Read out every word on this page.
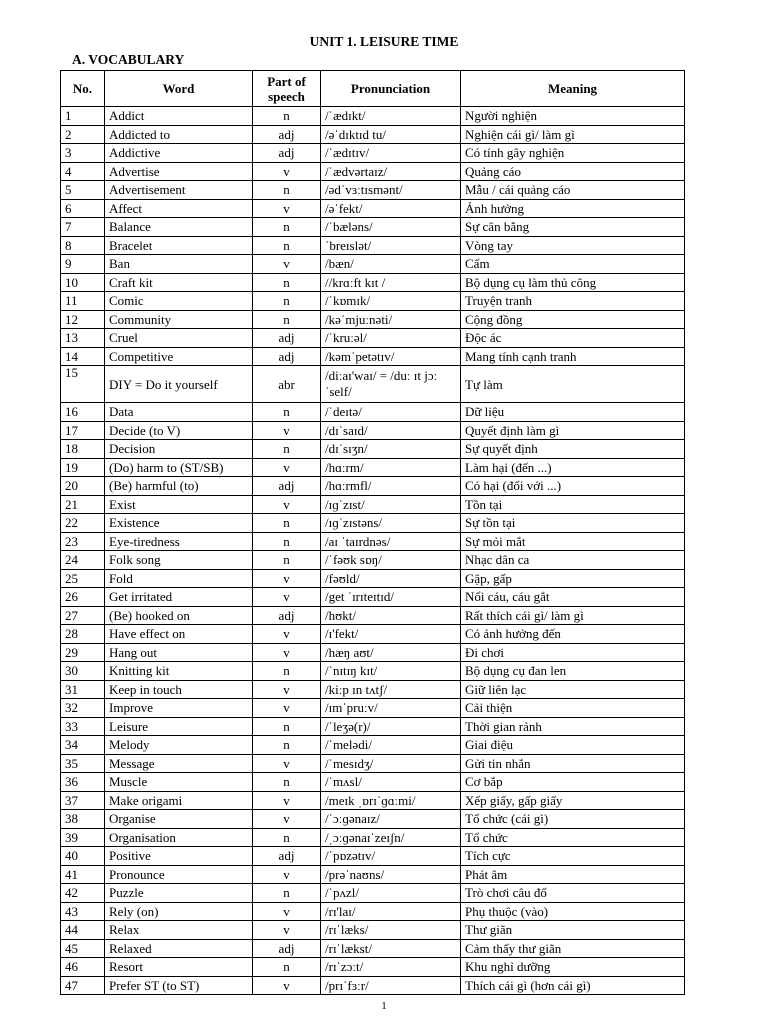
UNIT 1. LEISURE TIME
A. VOCABULARY
No.	Word	Part of speech	Pronunciation	Meaning
1	Addict	n	/ˈædɪkt/	Người nghiện
2	Addicted to	adj	/əˈdɪktɪd tu/	Nghiện cái gì/ làm gì
3	Addictive	adj	/ˈædɪtɪv/	Có tính gây nghiện
4	Advertise	v	/ˈædvərtaɪz/	Quảng cáo
5	Advertisement	n	/ədˈvɜːtɪsmənt/	Mẫu / cái quảng cáo
6	Affect	v	/əˈfekt/	Ảnh hưởng
7	Balance	n	/ˈbæləns/	Sự cân bằng
8	Bracelet	n	ˈbreɪslət/	Vòng tay
9	Ban	v	/bæn/	Cấm
10	Craft kit	n	//krɑːft kɪt /	Bộ dụng cụ làm thủ công
11	Comic	n	/ˈkɒmɪk/	Truyện tranh
12	Community	n	/kəˈmjuːnəti/	Cộng đồng
13	Cruel	adj	/ˈkruːəl/	Độc ác
14	Competitive	adj	/kəmˈpetətɪv/	Mang tính cạnh tranh
15	DIY = Do it yourself	abr	/diːaɪ'waɪ/ = /duː ɪt jɔːˈself/	Tự làm
16	Data	n	/ˈdeɪtə/	Dữ liệu
17	Decide (to V)	v	/dɪˈsaɪd/	Quyết định làm gì
18	Decision	n	/dɪˈsɪʒn/	Sự quyết định
19	(Do) harm to (ST/SB)	v	/hɑːrm/	Làm hại (đến ...)
20	(Be) harmful (to)	adj	/hɑːrmfl/	Có hại (đối với ...)
21	Exist	v	/ɪɡˈzɪst/	Tồn tại
22	Existence	n	/ɪɡˈzɪstəns/	Sự tồn tại
23	Eye-tiredness	n	/aɪ ˈtaɪrdnəs/	Sự mỏi mắt
24	Folk song	n	/ˈfəʊk sɒŋ/	Nhạc dân ca
25	Fold	v	/fəʊld/	Gập, gấp
26	Get irritated	v	/get ˈɪrɪteɪtɪd/	Nổi cáu, cáu gắt
27	(Be) hooked on	adj	/hʊkt/	Rất thích cái gì/ làm gì
28	Have effect on	v	/ɪ'fekt/	Có ảnh hưởng đến
29	Hang out	v	/hæŋ aʊt/	Đi chơi
30	Knitting kit	n	/ˈnɪtɪŋ kɪt/	Bộ dụng cụ đan len
31	Keep in touch	v	/kiːp ɪn tʌtʃ/	Giữ liên lạc
32	Improve	v	/ɪmˈpruːv/	Cải thiện
33	Leisure	n	/ˈleʒə(r)/	Thời gian rảnh
34	Melody	n	/ˈmelədi/	Giai điệu
35	Message	v	/ˈmesɪdʒ/	Gửi tin nhắn
36	Muscle	n	/ˈmʌsl/	Cơ bắp
37	Make origami	v	/meɪk ˌɒrɪˈɡɑːmi/	Xếp giấy, gấp giấy
38	Organise	v	/ˈɔːɡənaɪz/	Tổ chức (cái gì)
39	Organisation	n	/ˌɔːɡənaɪˈzeɪʃn/	Tổ chức
40	Positive	adj	/ˈpɒzətɪv/	Tích cực
41	Pronounce	v	/prəˈnaʊns/	Phát âm
42	Puzzle	n	/ˈpʌzl/	Trò chơi câu đố
43	Rely (on)	v	/rɪ'laɪ/	Phụ thuộc (vào)
44	Relax	v	/rɪˈlæks/	Thư giãn
45	Relaxed	adj	/rɪˈlækst/	Cảm thấy thư giãn
46	Resort	n	/rɪˈzɔːt/	Khu nghỉ dưỡng
47	Prefer ST (to ST)	v	/prɪˈfɜːr/	Thích cái gì (hơn cái gì)
1
